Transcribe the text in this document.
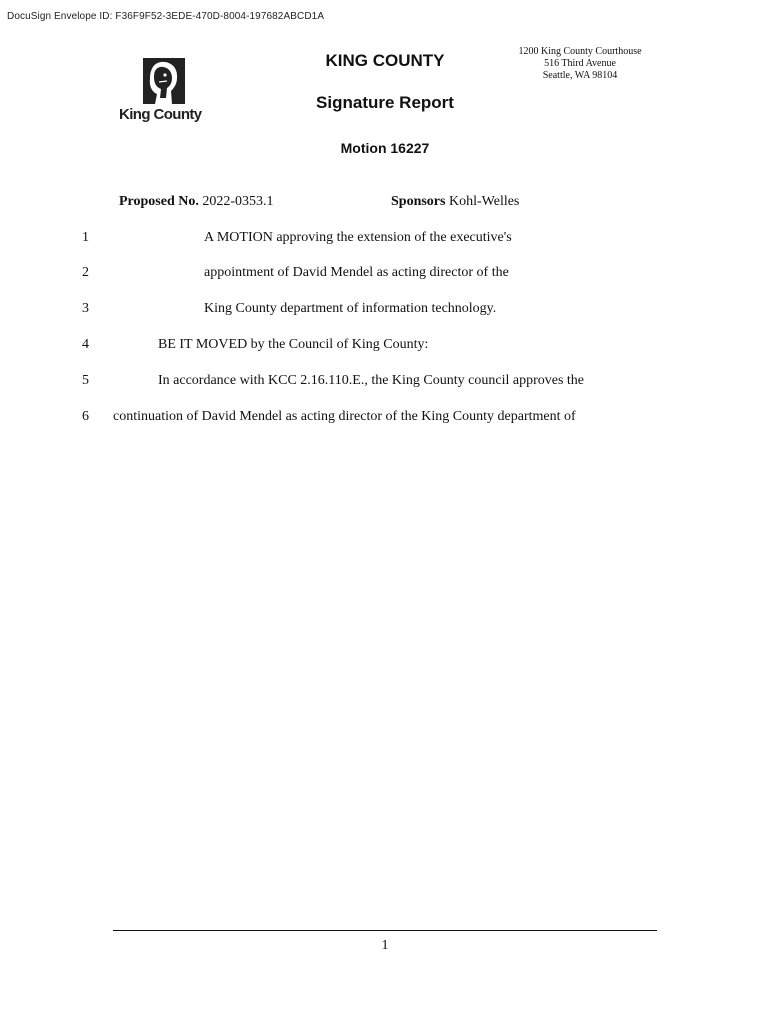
DocuSign Envelope ID: F36F9F52-3EDE-470D-8004-197682ABCD1A
King County
KING COUNTY
Signature Report
Motion 16227
1200 King County Courthouse
516 Third Avenue
Seattle, WA 98104
Proposed No. 2022-0353.1	Sponsors Kohl-Welles
1	A MOTION approving the extension of the executive's
2	appointment of David Mendel as acting director of the
3	King County department of information technology.
4	BE IT MOVED by the Council of King County:
5	In accordance with KCC 2.16.110.E., the King County council approves the
6 continuation of David Mendel as acting director of the King County department of
1
